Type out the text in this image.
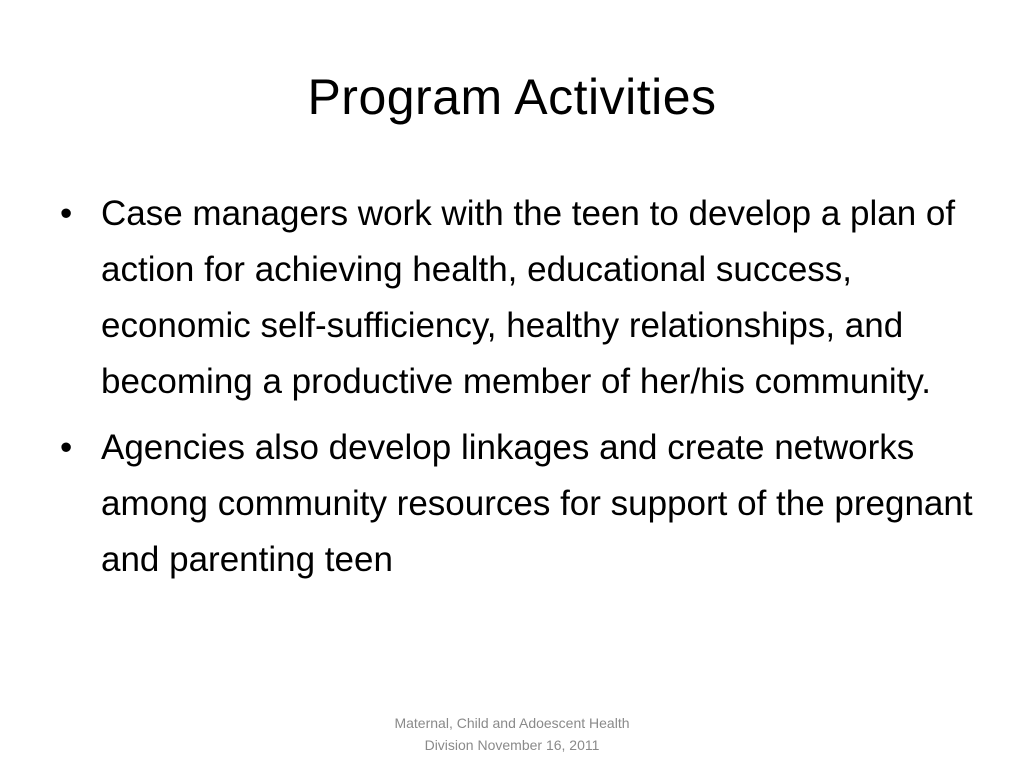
Program Activities
• Case managers work with the teen to develop a plan of action for achieving health, educational success, economic self-sufficiency, healthy relationships, and becoming a productive member of her/his community.
• Agencies also develop linkages and create networks among community resources for support of the pregnant and parenting teen
Maternal, Child and Adoescent Health
Division November 16, 2011
